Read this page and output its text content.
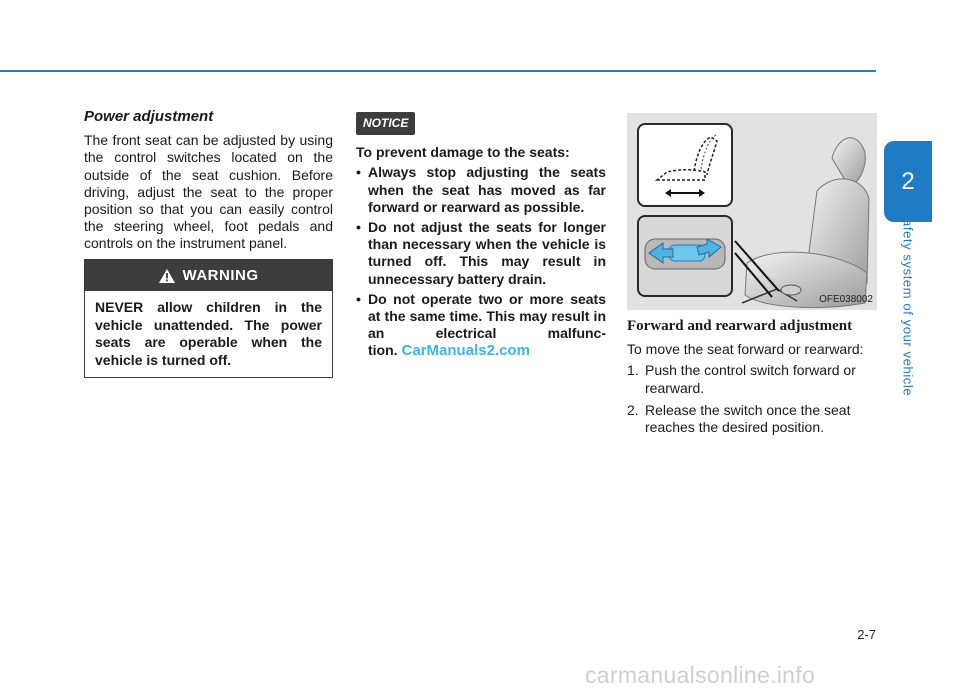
Power adjustment

The front seat can be adjusted by using the control switches located on the outside of the seat cushion. Before driving, adjust the seat to the proper position so that you can easily control the steering wheel, foot pedals and controls on the instrument panel.

WARNING
NEVER allow children in the vehicle unattended. The power seats are operable when the vehicle is turned off.
NOTICE
To prevent damage to the seats:
• Always stop adjusting the seats when the seat has moved as far forward or rearward as possible.
• Do not adjust the seats for longer than necessary when the vehicle is turned off. This may result in unnecessary battery drain.
• Do not operate two or more seats at the same time. This may result in an electrical malfunc-tion. CarManuals2.com
OFE038002
Forward and rearward adjustment

To move the seat forward or rearward:

1. Push the control switch forward or rearward.
2. Release the switch once the seat reaches the desired position.
2
Safety system of your vehicle
2-7
carmanualsonline.info
